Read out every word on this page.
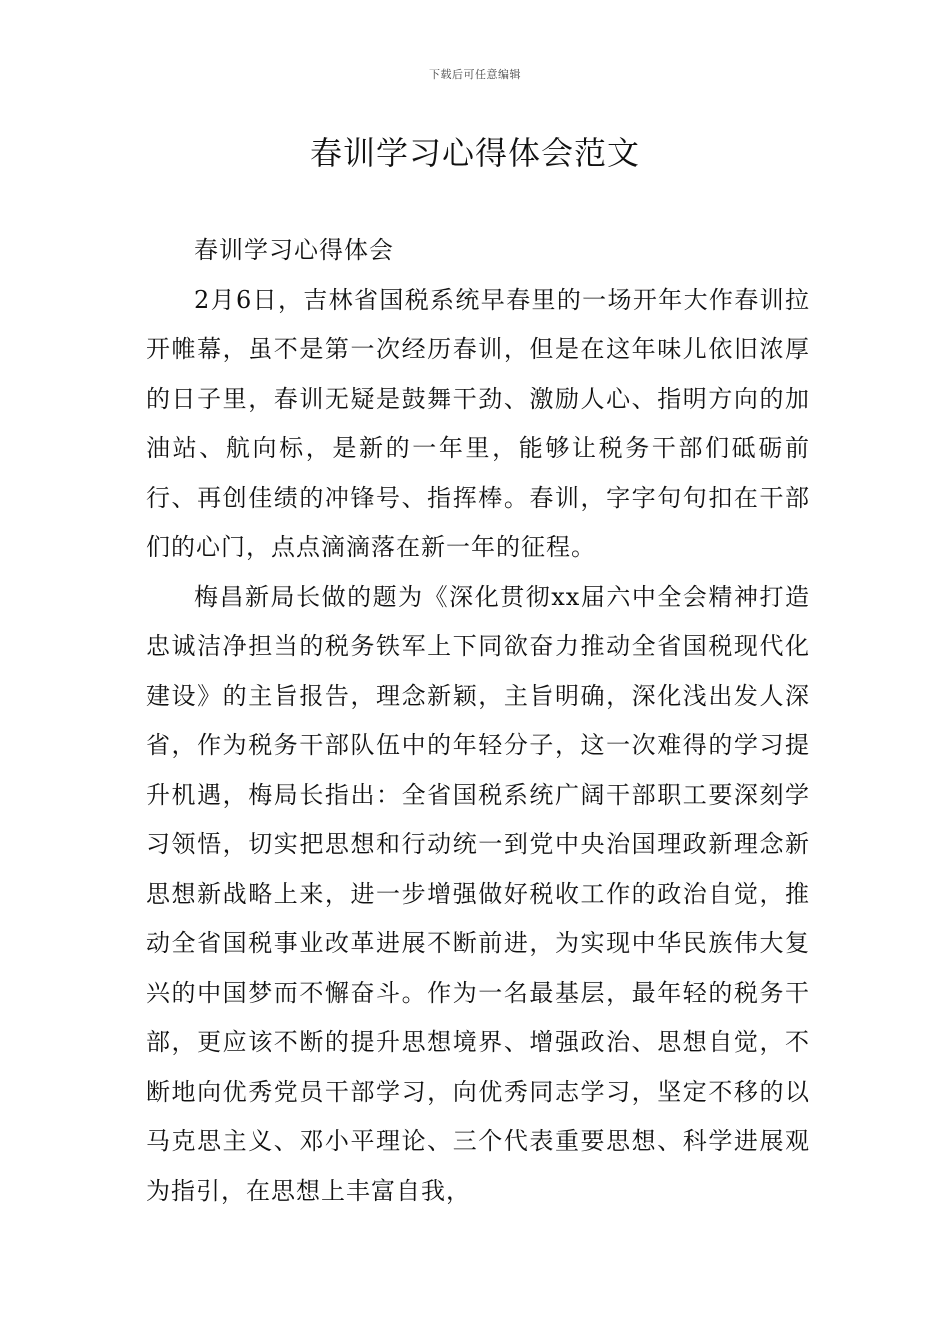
下载后可任意编辑
春训学习心得体会范文

春训学习心得体会

2月6日，吉林省国税系统早春里的一场开年大作春训拉开帷幕，虽不是第一次经历春训，但是在这年味儿依旧浓厚的日子里，春训无疑是鼓舞干劲、激励人心、指明方向的加油站、航向标，是新的一年里，能够让税务干部们砥砺前行、再创佳绩的冲锋号、指挥棒。春训，字字句句扣在干部们的心门，点点滴滴落在新一年的征程。

梅昌新局长做的题为《深化贯彻xx届六中全会精神打造忠诚洁净担当的税务铁军上下同欲奋力推动全省国税现代化建设》的主旨报告，理念新颖，主旨明确，深化浅出发人深省，作为税务干部队伍中的年轻分子，这一次难得的学习提升机遇，梅局长指出：全省国税系统广阔干部职工要深刻学习领悟，切实把思想和行动统一到党中央治国理政新理念新思想新战略上来，进一步增强做好税收工作的政治自觉，推动全省国税事业改革进展不断前进，为实现中华民族伟大复兴的中国梦而不懈奋斗。作为一名最基层，最年轻的税务干部，更应该不断的提升思想境界、增强政治、思想自觉，不断地向优秀党员干部学习，向优秀同志学习，坚定不移的以马克思主义、邓小平理论、三个代表重要思想、科学进展观为指引，在思想上丰富自我，
